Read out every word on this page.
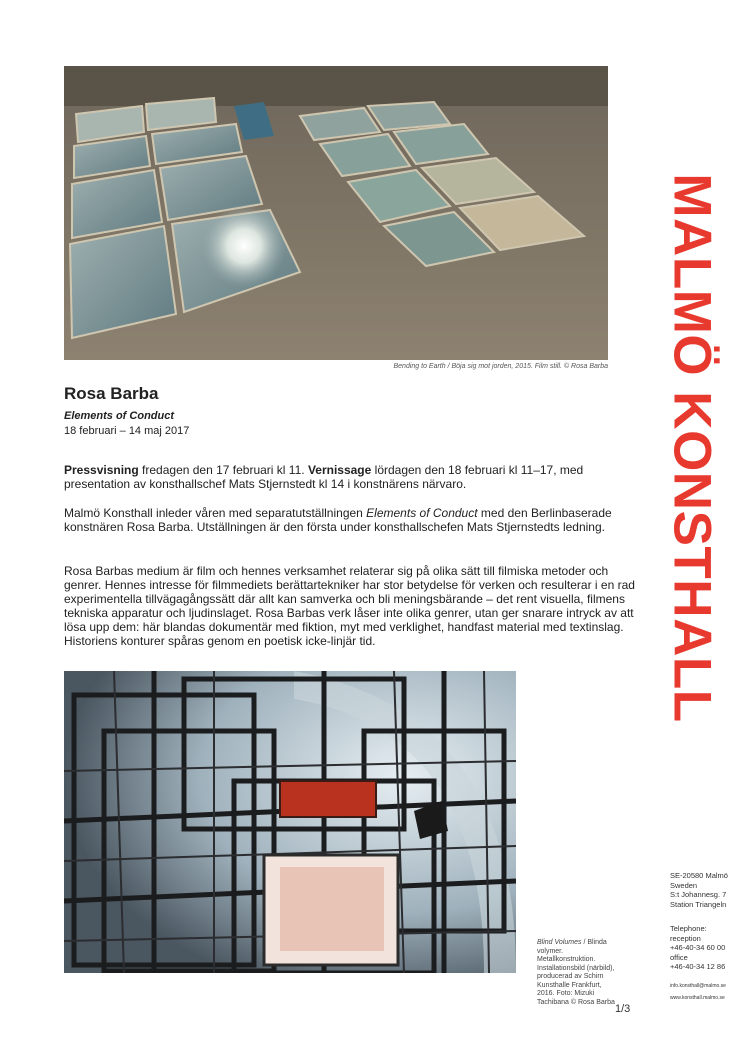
Bending to Earth / Böja sig mot jorden, 2015. Film still. © Rosa Barba
Rosa Barba
Elements of Conduct
18 februari – 14 maj 2017

Pressvisning fredagen den 17 februari kl 11. Vernissage lördagen den 18 februari kl 11–17, med presentation av konsthallschef Mats Stjernstedt kl 14 i konstnärens närvaro.

Malmö Konsthall inleder våren med separatutställningen Elements of Conduct med den Berlinbaserade konstnären Rosa Barba. Utställningen är den första under konsthallschefen Mats Stjernstedts ledning.

Rosa Barbas medium är film och hennes verksamhet relaterar sig på olika sätt till filmiska metoder och genrer. Hennes intresse för filmmediets berättartekniker har stor betydelse för verken och resulterar i en rad experimentella tillvägagångssätt där allt kan samverka och bli meningsbärande – det rent visuella, filmens tekniska apparatur och ljudinslaget. Rosa Barbas verk låser inte olika genrer, utan ger snarare intryck av att lösa upp dem: här blandas dokumentär med fiktion, myt med verklighet, handfast material med textinslag. Historiens konturer spåras genom en poetisk icke-linjär tid.

Blind Volumes / Blinda volymer. Metallkonstruktion. Installationsbild (närbild), producerad av Schirn Kunsthalle Frankfurt, 2016. Foto: Mizuki Tachibana © Rosa Barba
MALMÖ KONSTHALL
SE-20580 Malmö
Sweden
S:t Johannesg. 7
Station Triangeln
Telephone:
reception
+46-40-34 60 00
office
+46-40-34 12 86
info.konsthall@malmo.se
www.konsthall.malmo.se
1/3
